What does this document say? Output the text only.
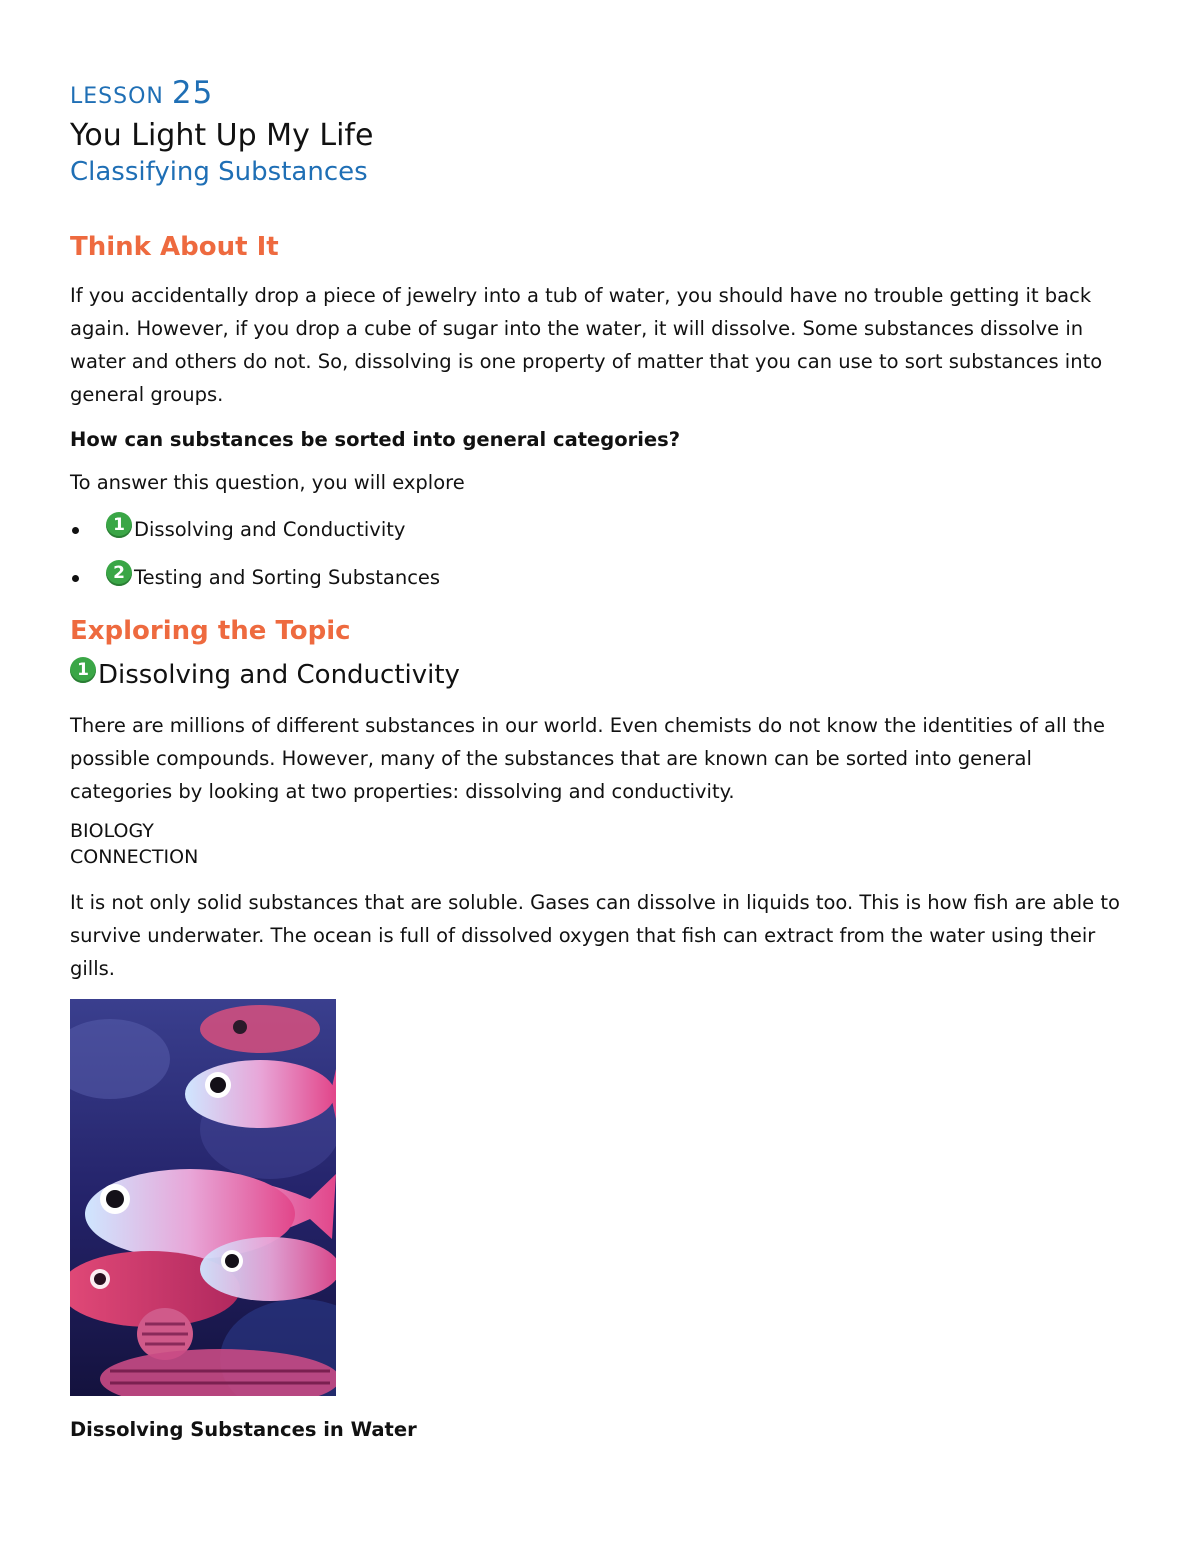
LESSON 25
You Light Up My Life
Classifying Substances
Think About It

If you accidentally drop a piece of jewelry into a tub of water, you should have no trouble getting it back again. However, if you drop a cube of sugar into the water, it will dissolve. Some substances dissolve in water and others do not. So, dissolving is one property of matter that you can use to sort substances into general groups.

How can substances be sorted into general categories?

To answer this question, you will explore

1 Dissolving and Conductivity
2 Testing and Sorting Substances
Exploring the Topic
1 Dissolving and Conductivity

There are millions of different substances in our world. Even chemists do not know the identities of all the possible compounds. However, many of the substances that are known can be sorted into general categories by looking at two properties: dissolving and conductivity.

BIOLOGY
CONNECTION

It is not only solid substances that are soluble. Gases can dissolve in liquids too. This is how fish are able to survive underwater. The ocean is full of dissolved oxygen that fish can extract from the water using their gills.

Dissolving Substances in Water
